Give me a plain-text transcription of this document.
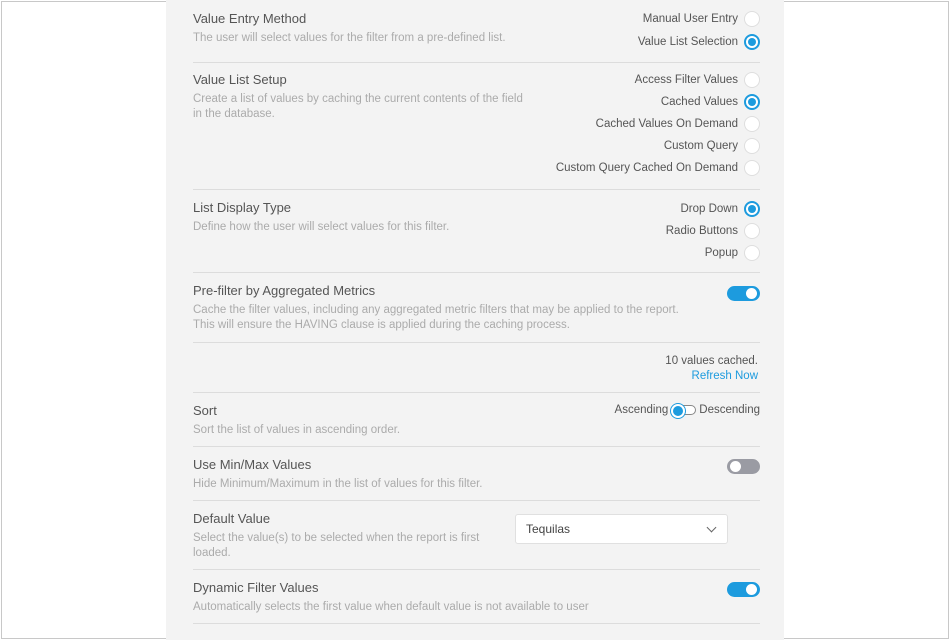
Value Entry Method
The user will select values for the filter from a pre-defined list.
Manual User Entry
Value List Selection
Value List Setup
Create a list of values by caching the current contents of the field in the database.
Access Filter Values
Cached Values
Cached Values On Demand
Custom Query
Custom Query Cached On Demand
List Display Type
Define how the user will select values for this filter.
Drop Down
Radio Buttons
Popup
Pre-filter by Aggregated Metrics
Cache the filter values, including any aggregated metric filters that may be applied to the report.
This will ensure the HAVING clause is applied during the caching process.
10 values cached.
Refresh Now
Sort
Sort the list of values in ascending order.
Ascending	Descending
Use Min/Max Values
Hide Minimum/Maximum in the list of values for this filter.
Default Value
Select the value(s) to be selected when the report is first
loaded.
Tequilas
Dynamic Filter Values
Automatically selects the first value when default value is not available to user
